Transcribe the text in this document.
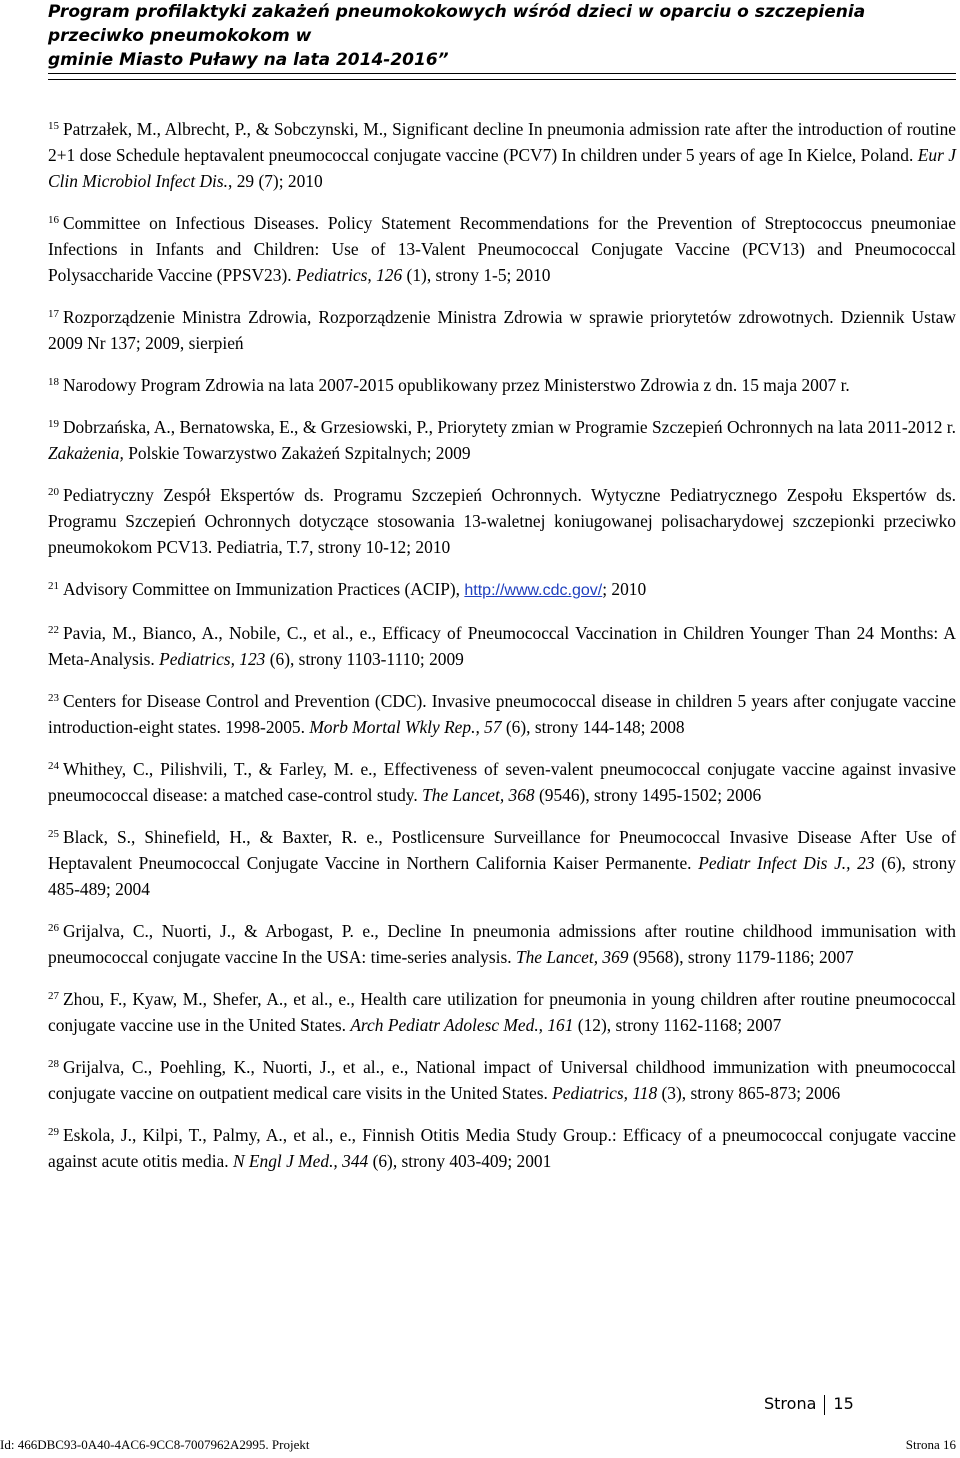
Program profilaktyki zakażeń pneumokokowych wśród dzieci w oparciu o szczepienia przeciwko pneumokokom w
gminie Miasto Puławy na lata 2014-2016”

$^{15}$ Patrzałek, M., Albrecht, P., & Sobczynski, M., Significant decline In pneumonia admission rate after the introduction of routine 2+1 dose Schedule heptavalent pneumococcal conjugate vaccine (PCV7) In children under 5 years of age In Kielce, Poland. Eur J Clin Microbiol Infect Dis., 29 (7); 2010

$^{16}$ Committee on Infectious Diseases. Policy Statement Recommendations for the Prevention of Streptococcus pneumoniae Infections in Infants and Children: Use of 13-Valent Pneumococcal Conjugate Vaccine (PCV13) and Pneumococcal Polysaccharide Vaccine (PPSV23). Pediatrics, 126 (1), strony 1-5; 2010

$^{17}$ Rozporządzenie Ministra Zdrowia, Rozporządzenie Ministra Zdrowia w sprawie priorytetów zdrowotnych. Dziennik Ustaw 2009 Nr 137; 2009, sierpień

$^{18}$ Narodowy Program Zdrowia na lata 2007-2015 opublikowany przez Ministerstwo Zdrowia z dn. 15 maja 2007 r.

$^{19}$ Dobrzańska, A., Bernatowska, E., & Grzesiowski, P., Priorytety zmian w Programie Szczepień Ochronnych na lata 2011-2012 r. Zakażenia, Polskie Towarzystwo Zakażeń Szpitalnych; 2009

$^{20}$ Pediatryczny Zespół Ekspertów ds. Programu Szczepień Ochronnych. Wytyczne Pediatrycznego Zespołu Ekspertów ds. Programu Szczepień Ochronnych dotyczące stosowania 13-waletnej koniugowanej polisacharydowej szczepionki przeciwko pneumokokom PCV13. Pediatria, T.7, strony 10-12; 2010

$^{21}$ Advisory Committee on Immunization Practices (ACIP), http://www.cdc.gov/; 2010

$^{22}$ Pavia, M., Bianco, A., Nobile, C., et al., e., Efficacy of Pneumococcal Vaccination in Children Younger Than 24 Months: A Meta-Analysis. Pediatrics, 123 (6), strony 1103-1110; 2009

$^{23}$ Centers for Disease Control and Prevention (CDC). Invasive pneumococcal disease in children 5 years after conjugate vaccine introduction-eight states. 1998-2005. Morb Mortal Wkly Rep., 57 (6), strony 144-148; 2008

$^{24}$ Whithey, C., Pilishvili, T., & Farley, M. e., Effectiveness of seven-valent pneumococcal conjugate vaccine against invasive pneumococcal disease: a matched case-control study. The Lancet, 368 (9546), strony 1495-1502; 2006

$^{25}$ Black, S., Shinefield, H., & Baxter, R. e., Postlicensure Surveillance for Pneumococcal Invasive Disease After Use of Heptavalent Pneumococcal Conjugate Vaccine in Northern California Kaiser Permanente. Pediatr Infect Dis J., 23 (6), strony 485-489; 2004

$^{26}$ Grijalva, C., Nuorti, J., & Arbogast, P. e., Decline In pneumonia admissions after routine childhood immunisation with pneumococcal conjugate vaccine In the USA: time-series analysis. The Lancet, 369 (9568), strony 1179-1186; 2007

$^{27}$ Zhou, F., Kyaw, M., Shefer, A., et al., e., Health care utilization for pneumonia in young children after routine pneumococcal conjugate vaccine use in the United States. Arch Pediatr Adolesc Med., 161 (12), strony 1162-1168; 2007

$^{28}$ Grijalva, C., Poehling, K., Nuorti, J., et al., e., National impact of Universal childhood immunization with pneumococcal conjugate vaccine on outpatient medical care visits in the United States. Pediatrics, 118 (3), strony 865-873; 2006

$^{29}$ Eskola, J., Kilpi, T., Palmy, A., et al., e., Finnish Otitis Media Study Group.: Efficacy of a pneumococcal conjugate vaccine against acute otitis media. N Engl J Med., 344 (6), strony 403-409; 2001

Strona 15
Id: 466DBC93-0A40-4AC6-9CC8-7007962A2995. Projekt	Strona 16
